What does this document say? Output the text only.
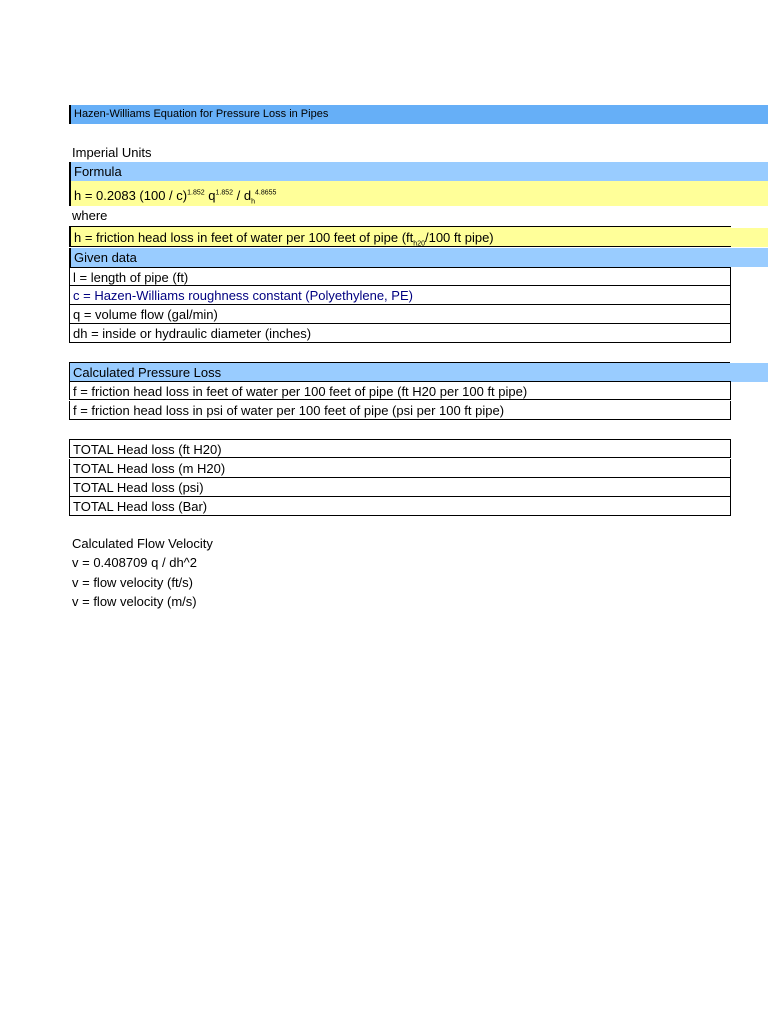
Hazen-Williams Equation for Pressure Loss in Pipes
Imperial Units
Formula
h = 0.2083 (100 / c)$^{1.852}$ $q^{1.852} / d_h^{4.8655}$
where
h = friction head loss in feet of water per 100 feet of pipe ($ft_{h20}/100$ ft pipe)
Given data
l = length of pipe (ft)
c = Hazen-Williams roughness constant (Polyethylene, PE)
q = volume flow (gal/min)
dh = inside or hydraulic diameter (inches)
Calculated Pressure Loss
f = friction head loss in feet of water per 100 feet of pipe (ft H20 per 100 ft pipe)
f = friction head loss in psi of water per 100 feet of pipe (psi per 100 ft pipe)
TOTAL Head loss (ft H20)
TOTAL Head loss (m H20)
TOTAL Head loss (psi)
TOTAL Head loss (Bar)
Calculated Flow Velocity
v = 0.408709 q / dh^2
v = flow velocity (ft/s)
v = flow velocity (m/s)
